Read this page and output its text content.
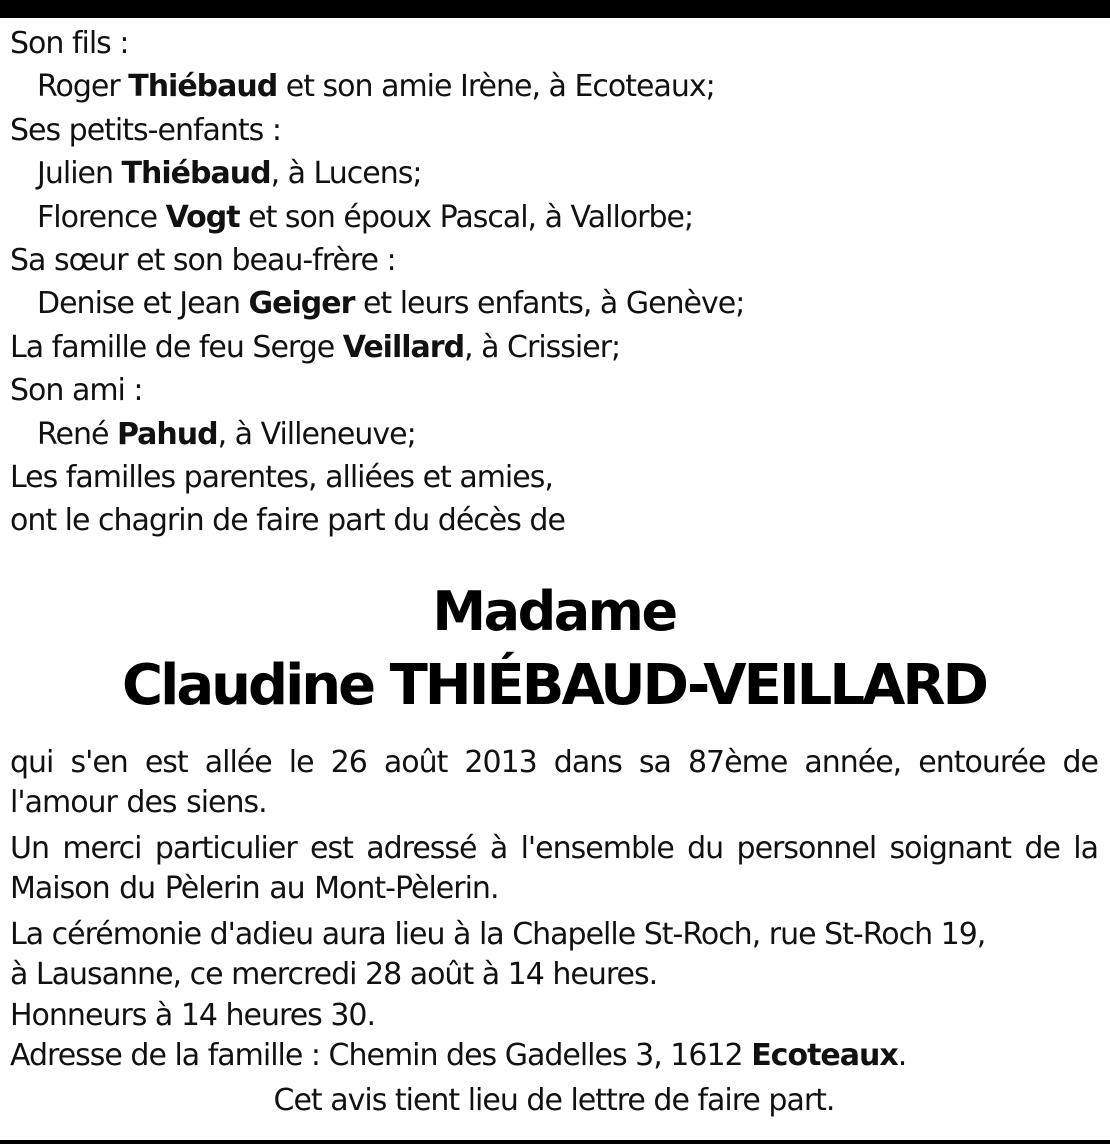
Son fils :
Roger Thiébaud et son amie Irène, à Ecoteaux;
Ses petits-enfants :
Julien Thiébaud, à Lucens;
Florence Vogt et son époux Pascal, à Vallorbe;
Sa sœur et son beau-frère :
Denise et Jean Geiger et leurs enfants, à Genève;
La famille de feu Serge Veillard, à Crissier;
Son ami :
René Pahud, à Villeneuve;
Les familles parentes, alliées et amies,
ont le chagrin de faire part du décès de
Madame
Claudine THIÉBAUD-VEILLARD
qui s'en est allée le 26 août 2013 dans sa 87ème année, entourée de l'amour des siens.
Un merci particulier est adressé à l'ensemble du personnel soignant de la Maison du Pèlerin au Mont-Pèlerin.
La cérémonie d'adieu aura lieu à la Chapelle St-Roch, rue St-Roch 19,
à Lausanne, ce mercredi 28 août à 14 heures.
Honneurs à 14 heures 30.
Adresse de la famille : Chemin des Gadelles 3, 1612 Ecoteaux.
Cet avis tient lieu de lettre de faire part.
